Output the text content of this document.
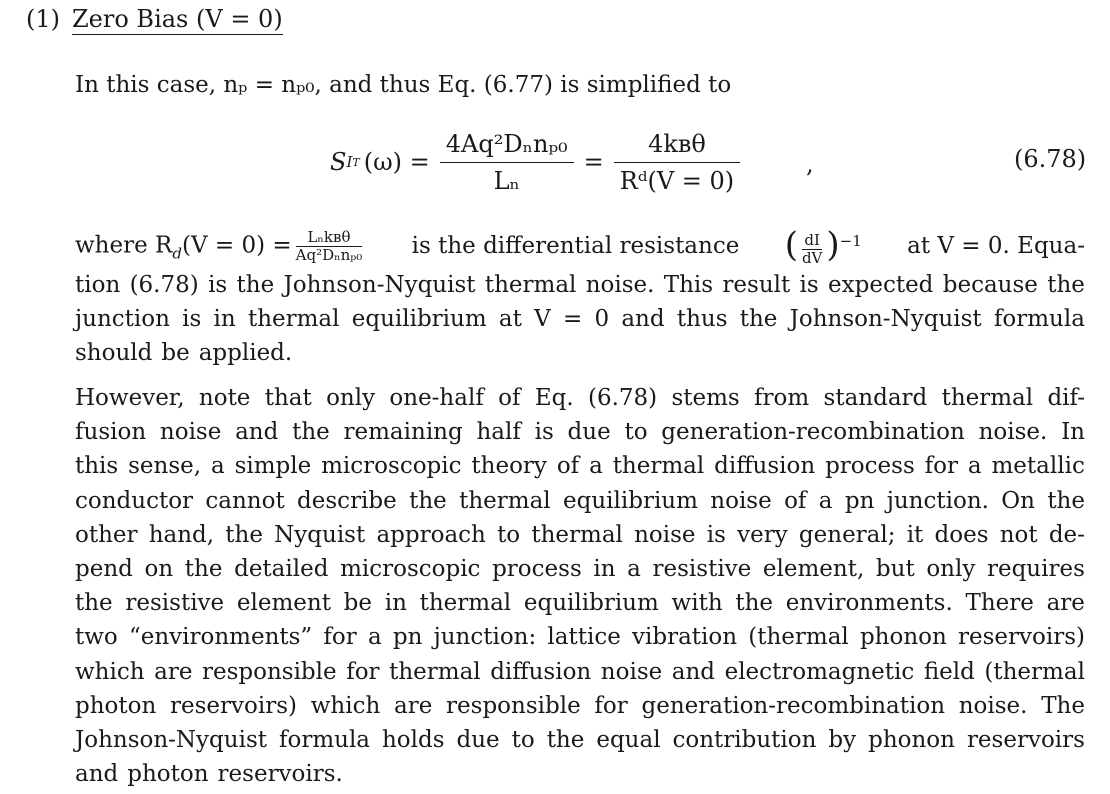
(1) Zero Bias (V = 0)
In this case, nₚ = nₚ₀, and thus Eq. (6.77) is simplified to
S I T $(\omega) = \frac{\text{4Aq²Dₙnₚ₀}}{\text{Lₙ}} = \frac{\text{4kʙθ}}{\text{Rᵈ(V = 0)}}$	,	(6.78)
where $R_d(V = 0)$ = Lₙkʙθ
Aq²Dₙnₚ₀ is the differential resistance ( $\frac{dI}{dV} )^{-1}$ at V = 0. Equa-
tion (6.78) is the Johnson-Nyquist thermal noise. This result is expected because the
junction is in thermal equilibrium at V = 0 and thus the Johnson-Nyquist formula
should be applied.
However, note that only one-half of Eq. (6.78) stems from standard thermal dif-
fusion noise and the remaining half is due to generation-recombination noise. In
this sense, a simple microscopic theory of a thermal diffusion process for a metallic
conductor cannot describe the thermal equilibrium noise of a pn junction. On the
other hand, the Nyquist approach to thermal noise is very general; it does not de-
pend on the detailed microscopic process in a resistive element, but only requires
the resistive element be in thermal equilibrium with the environments. There are
two “environments” for a pn junction: lattice vibration (thermal phonon reservoirs)
which are responsible for thermal diffusion noise and electromagnetic field (thermal
photon reservoirs) which are responsible for generation-recombination noise. The
Johnson-Nyquist formula holds due to the equal contribution by phonon reservoirs
and photon reservoirs.
